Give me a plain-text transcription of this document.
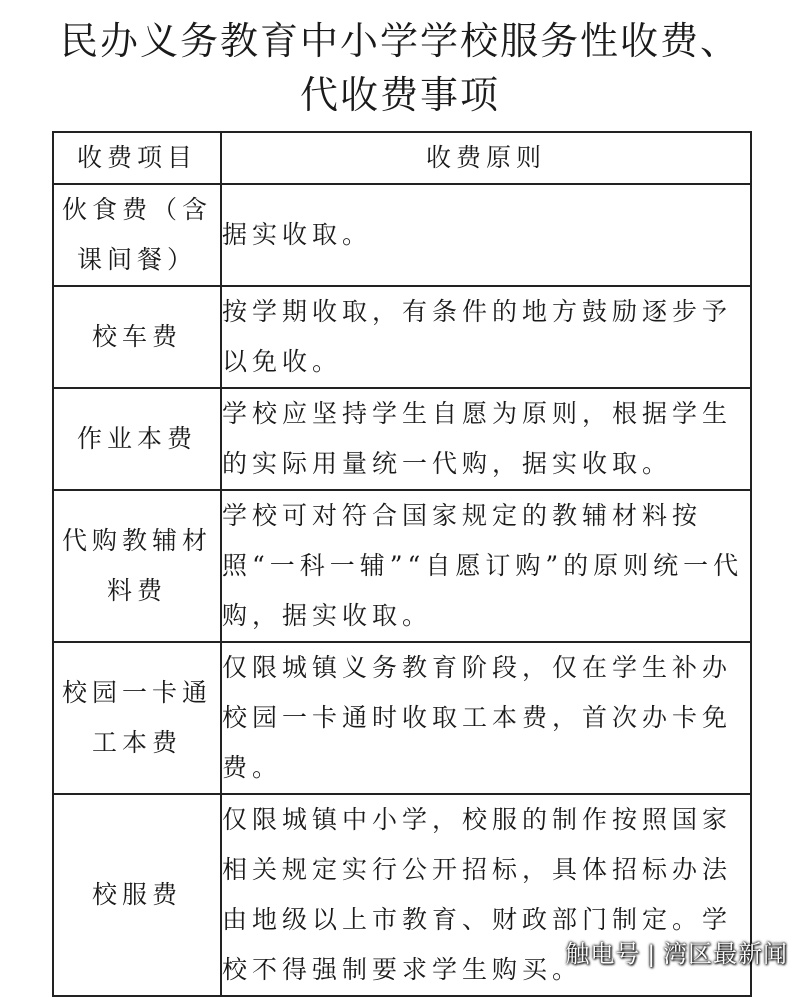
民办义务教育中小学学校服务性收费、
代收费事项
收费项目	收费原则
伙食费（含课间餐）	据实收取。
校车费	按学期收取，有条件的地方鼓励逐步予以免收。
作业本费	学校应坚持学生自愿为原则，根据学生的实际用量统一代购，据实收取。
代购教辅材料费	学校可对符合国家规定的教辅材料按照“一科一辅”“自愿订购”的原则统一代购，据实收取。
校园一卡通工本费	仅限城镇义务教育阶段，仅在学生补办校园一卡通时收取工本费，首次办卡免费。
校服费	仅限城镇中小学，校服的制作按照国家相关规定实行公开招标，具体招标办法由地级以上市教育、财政部门制定。学校不得强制要求学生购买。
触电号 | 湾区最新闻
